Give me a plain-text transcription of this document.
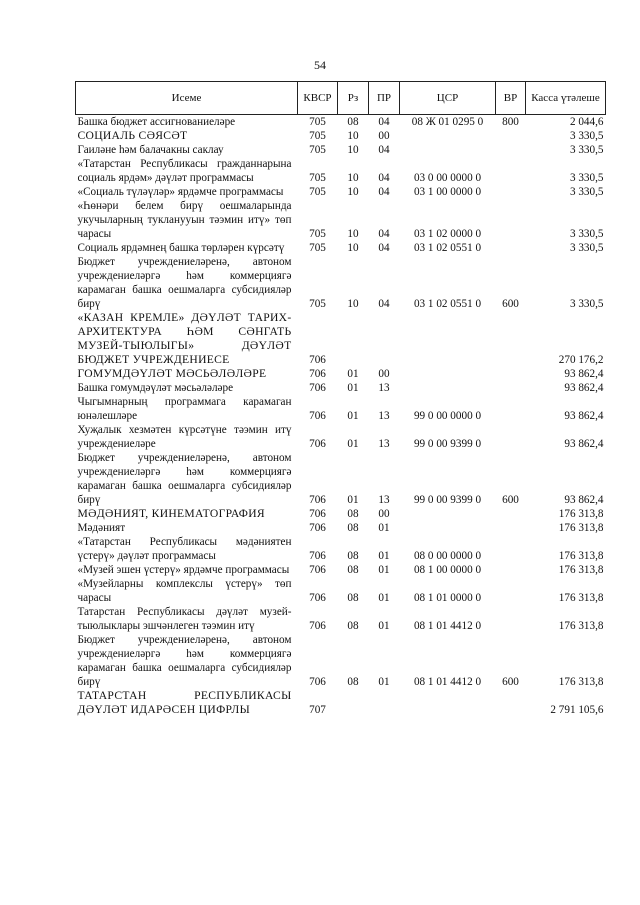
54
Исеме	КВСР	Рз	ПР	ЦСР	ВР	Касса үтәлеше
Башка бюджет ассигнованиеләре	705	08	04	08 Ж 01 0295 0	800	2 044,6
СОЦИАЛЬ СӘЯСӘТ	705	10	00			3 330,5
Гаиләне һәм балачакны саклау	705	10	04			3 330,5
«Татарстан Республикасы гражданнарына социаль ярдәм» дәүләт программасы	705	10	04	03 0 00 0000 0		3 330,5
«Социаль түләүләр» ярдәмче программасы	705	10	04	03 1 00 0000 0		3 330,5
«Һөнәри белем бирү оешмаларында укучыларның тукланууын тәэмин итү» төп чарасы	705	10	04	03 1 02 0000 0		3 330,5
Социаль ярдәмнең башка төрләрен күрсәтү	705	10	04	03 1 02 0551 0		3 330,5
Бюджет учреждениеләренә, автоном учреждениеләргә һәм коммерциягә карамаган башка оешмаларга субсидияләр бирү	705	10	04	03 1 02 0551 0	600	3 330,5
«КАЗАН КРЕМЛЕ» ДӘҮЛӘТ ТАРИХ-АРХИТЕКТУРА ҺӘМ СӘНГАТЬ МУЗЕЙ-ТЫЮЛЫГЫ» ДӘҮЛӘТ БЮДЖЕТ УЧРЕЖДЕНИЕСЕ	706					270 176,2
ГОМУМДӘҮЛӘТ МӘСЬӘЛӘЛӘРЕ	706	01	00			93 862,4
Башка гомумдәүләт мәсьәләләре	706	01	13			93 862,4
Чыгымнарның программага карамаган юнәлешләре	706	01	13	99 0 00 0000 0		93 862,4
Хуҗалык хезмәтен күрсәтүне тәэмин итү учреждениеләре	706	01	13	99 0 00 9399 0		93 862,4
Бюджет учреждениеләренә, автоном учреждениеләргә һәм коммерциягә карамаган башка оешмаларга субсидияләр бирү	706	01	13	99 0 00 9399 0	600	93 862,4
МӘДӘНИЯТ, КИНЕМАТОГРАФИЯ	706	08	00			176 313,8
Мәдәният	706	08	01			176 313,8
«Татарстан Республикасы мәдәниятен үстерү» дәүләт программасы	706	08	01	08 0 00 0000 0		176 313,8
«Музей эшен үстерү» ярдәмче программасы	706	08	01	08 1 00 0000 0		176 313,8
«Музейларны комплекслы үстерү» төп чарасы	706	08	01	08 1 01 0000 0		176 313,8
Татарстан Республикасы дәүләт музей-тыюлыклары эшчәнлеген тәэмин итү	706	08	01	08 1 01 4412 0		176 313,8
Бюджет учреждениеләренә, автоном учреждениеләргә һәм коммерциягә карамаган башка оешмаларга субсидияләр бирү	706	08	01	08 1 01 4412 0	600	176 313,8
ТАТАРСТАН РЕСПУБЛИКАСЫ ДӘҮЛӘТ ИДАРӘСЕН ЦИФРЛЫ	707					2 791 105,6
